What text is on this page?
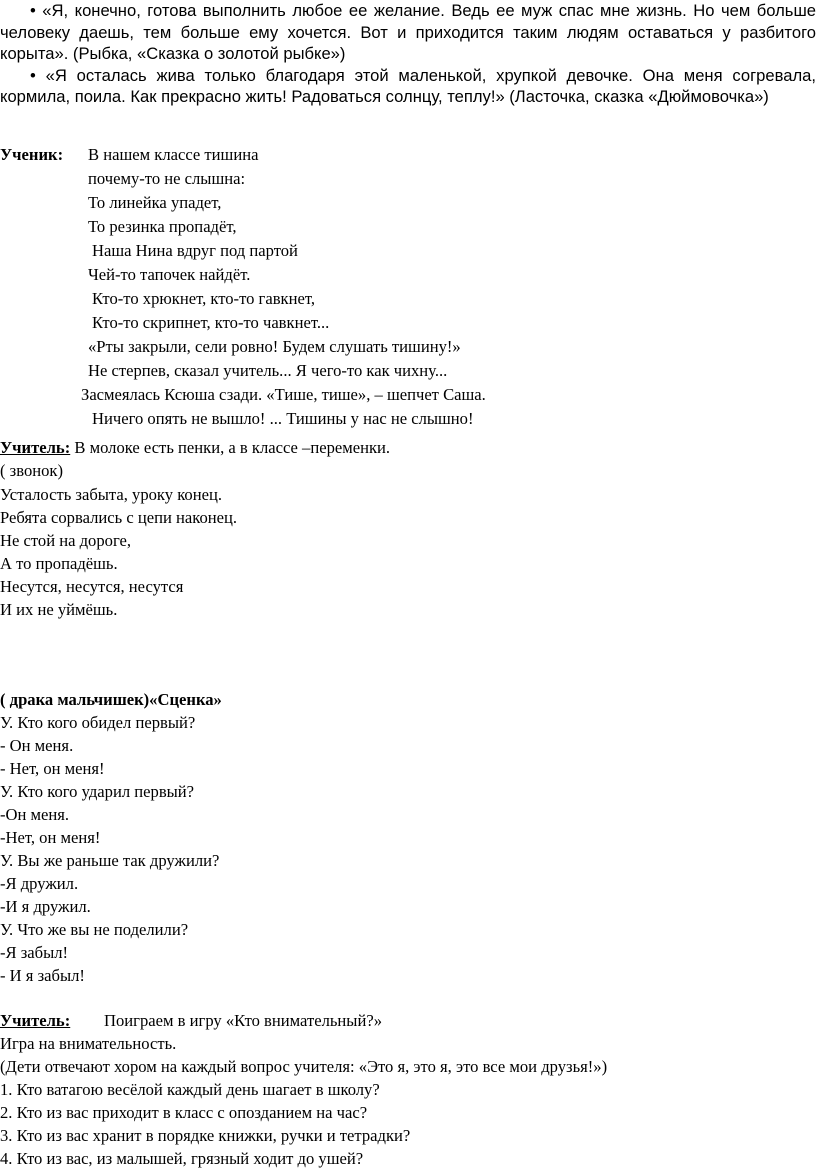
• «Я, конечно, готова выполнить любое ее желание. Ведь ее муж спас мне жизнь. Но чем больше человеку даешь, тем больше ему хочется. Вот и приходится таким людям оставаться у разбитого корыта». (Рыбка, «Сказка о золотой рыбке»)

• «Я осталась жива только благодаря этой маленькой, хрупкой девочке. Она меня согревала, кормила, поила. Как прекрасно жить! Радоваться солнцу, теплу!» (Ласточка, сказка «Дюймовочка»)

Ученик: В нашем классе тишина
почему-то не слышна:
То линейка упадет,
То резинка пропадёт,
Наша Нина вдруг под партой
Чей-то тапочек найдёт.
Кто-то хрюкнет, кто-то гавкнет,
Кто-то скрипнет, кто-то чавкнет...
«Рты закрыли, сели ровно! Будем слушать тишину!»
Не стерпев, сказал учитель... Я чего-то как чихну...
Засмеялась Ксюша сзади. «Тише, тише», – шепчет Саша.
Ничего опять не вышло! ... Тишины у нас не слышно!
Учитель: В молоке есть пенки, а в классе –переменки.
( звонок)
Усталость забыта, уроку конец.
Ребята сорвались с цепи наконец.
Не стой на дороге,
А то пропадёшь.
Несутся, несутся, несутся
И их не уймёшь.
( драка мальчишек)«Сценка»
У. Кто кого обидел первый?
- Он меня.
- Нет, он меня!
У. Кто кого ударил первый?
-Он меня.
-Нет, он меня!
У. Вы же раньше так дружили?
-Я дружил.
-И я дружил.
У. Что же вы не поделили?
-Я забыл!
- И я забыл!
Учитель: Поиграем в игру «Кто внимательный?»
Игра на внимательность.
(Дети отвечают хором на каждый вопрос учителя: «Это я, это я, это все мои друзья!»)
1. Кто ватагою весёлой каждый день шагает в школу?
2. Кто из вас приходит в класс с опозданием на час?
3. Кто из вас хранит в порядке книжки, ручки и тетрадки?
4. Кто из вас, из малышей, грязный ходит до ушей?
